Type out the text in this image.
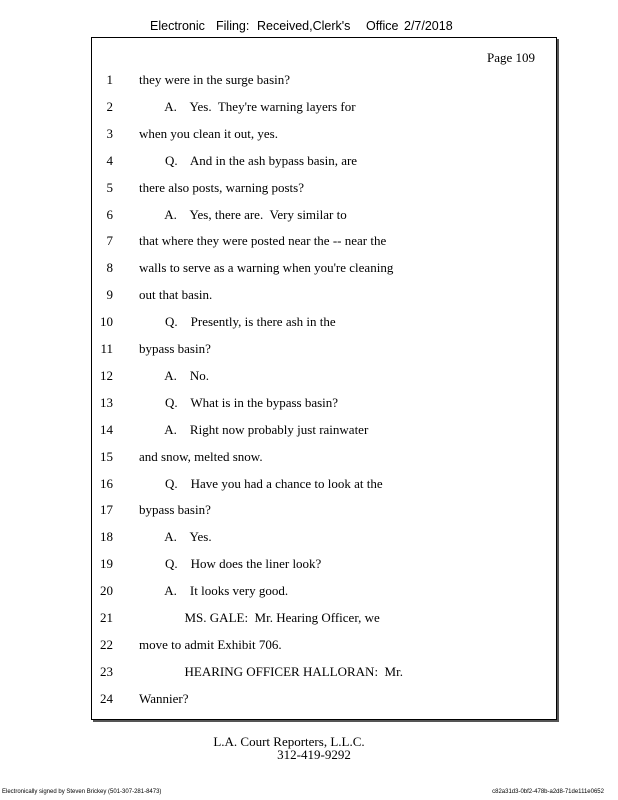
Electronic Filing: Received,Clerk's Office 2/7/2018
Page 109
1 they were in the surge basin?
2 A.    Yes.  They're warning layers for
3 when you clean it out, yes.
4 Q.    And in the ash bypass basin, are
5 there also posts, warning posts?
6 A.    Yes, there are.  Very similar to
7 that where they were posted near the -- near the
8 walls to serve as a warning when you're cleaning
9 out that basin.
10 Q.    Presently, is there ash in the
11 bypass basin?
12 A.    No.
13 Q.    What is in the bypass basin?
14 A.    Right now probably just rainwater
15 and snow, melted snow.
16 Q.    Have you had a chance to look at the
17 bypass basin?
18 A.    Yes.
19 Q.    How does the liner look?
20 A.    It looks very good.
21 MS. GALE:  Mr. Hearing Officer, we
22 move to admit Exhibit 706.
23 HEARING OFFICER HALLORAN:  Mr.
24 Wannier?
L.A. Court Reporters, L.L.C.
312-419-9292
Electronically signed by Steven Brickey (501-307-281-8473)	c82a31d3-0bf2-478b-a2d8-71de111e0652
